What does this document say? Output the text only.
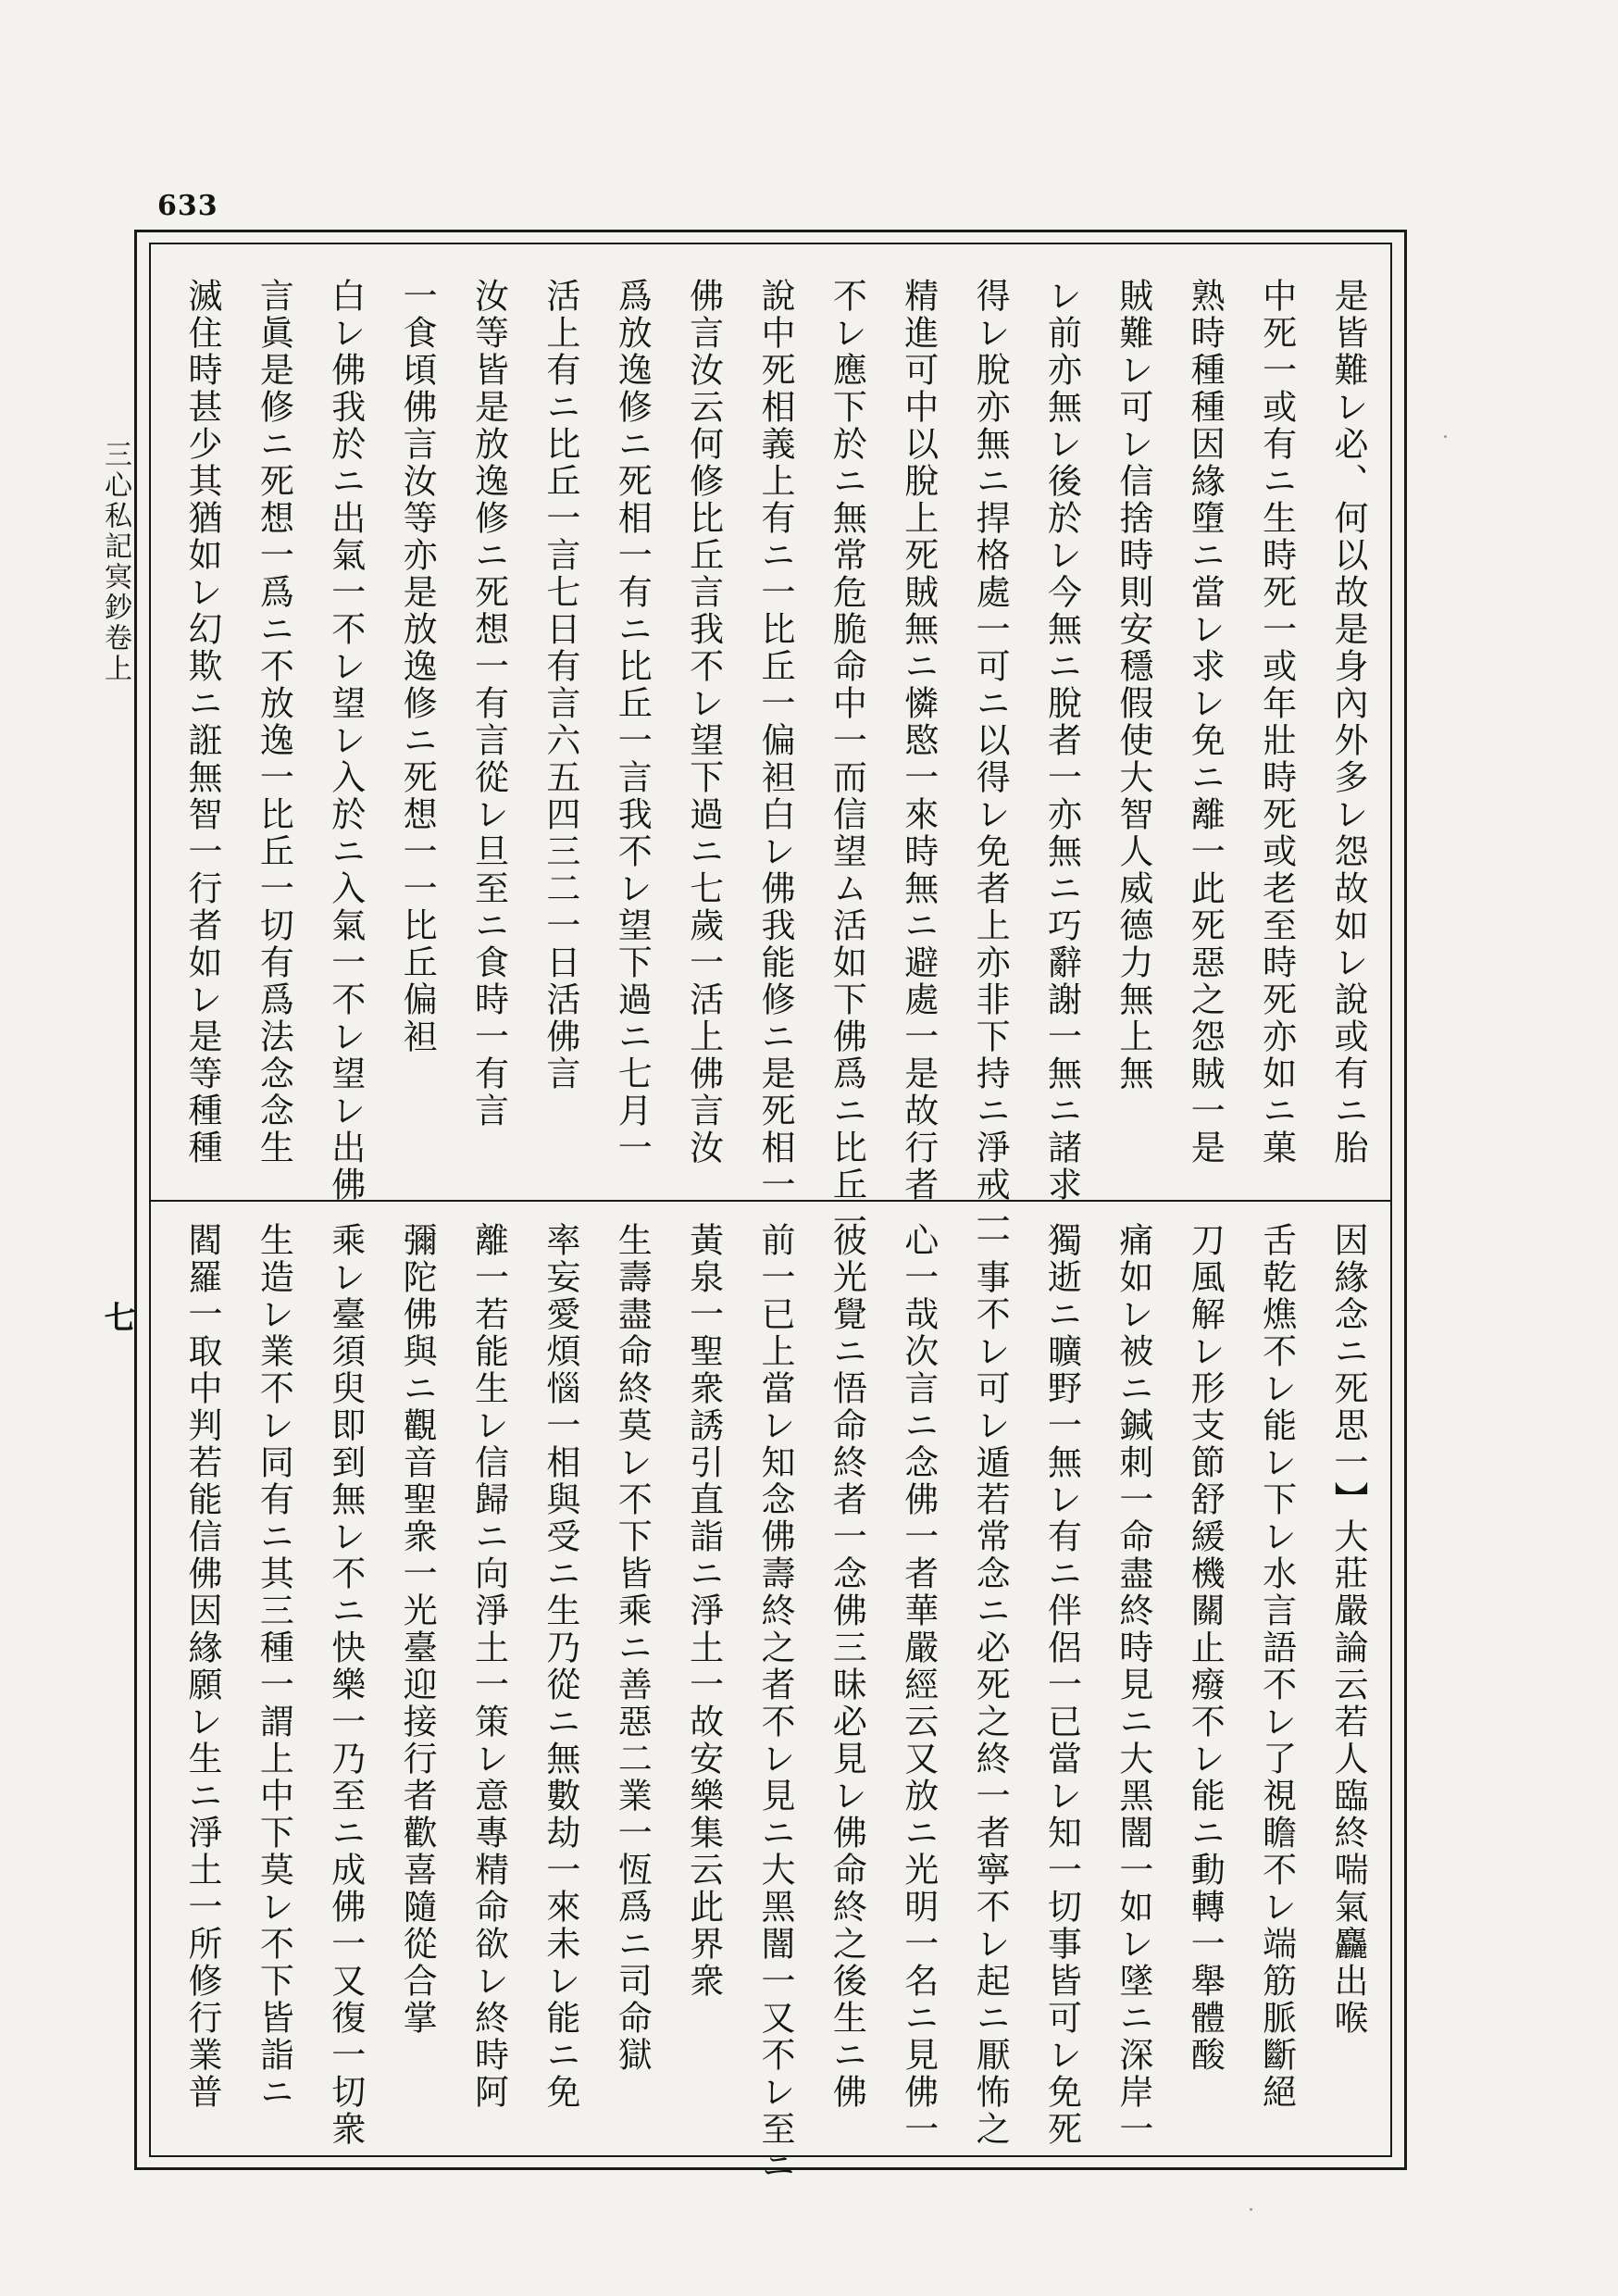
633
三心私記㝠鈔卷上
七
是皆難レ必、何以故是身內外多レ怨故如レ說或有ニ胎
中死一或有ニ生時死一或年壯時死或老至時死亦如ニ菓
熟時種種因緣墮ニ當レ求レ免ニ離一此死惡之怨賊一是
賊難レ可レ信捨時則安穩假使大智人威德力無上無
レ前亦無レ後於レ今無ニ脫者一亦無ニ巧辭謝一無ニ諸求
得レ脫亦無ニ捍格處一可ニ以得レ免者上亦非下持ニ淨戒一
精進可中以脫上死賊無ニ憐愍一來時無ニ避處一是故行者
不レ應下於ニ無常危脆命中一而信望ム活如下佛爲ニ比丘一
說中死相義上有ニ一比丘一偏袒白レ佛我能修ニ是死相一
佛言汝云何修比丘言我不レ望下過ニ七歲一活上佛言汝
爲放逸修ニ死相一有ニ比丘一言我不レ望下過ニ七月一
活上有ニ比丘一言七日有言六五四三二一日活佛言
汝等皆是放逸修ニ死想一有言從レ旦至ニ食時一有言
一食頃佛言汝等亦是放逸修ニ死想一一比丘偏袒
白レ佛我於ニ出氣一不レ望レ入於ニ入氣一不レ望レ出佛
言眞是修ニ死想一爲ニ不放逸一比丘一切有爲法念念生
滅住時甚少其猶如レ幻欺ニ誑無智一行者如レ是等種種
因緣念ニ死思一】大莊嚴論云若人臨終喘氣麤出喉
舌乾燋不レ能レ下レ水言語不レ了視瞻不レ端筋脈斷絕
刀風解レ形支節舒緩機關止癈不レ能ニ動轉一舉體酸
痛如レ被ニ鍼刺一命盡終時見ニ大黑闇一如レ墜ニ深岸一
獨逝ニ曠野一無レ有ニ伴侶一已當レ知一切事皆可レ免死
一事不レ可レ遁若常念ニ必死之終一者寧不レ起ニ厭怖之
心一哉次言ニ念佛一者華嚴經云又放ニ光明一名ニ見佛一
彼光覺ニ悟命終者一念佛三昧必見レ佛命終之後生ニ佛
前一已上當レ知念佛壽終之者不レ見ニ大黑闇一又不レ至ニ
黃泉一聖衆誘引直詣ニ淨土一故安樂集云此界衆
生壽盡命終莫レ不下皆乘ニ善惡二業一恆爲ニ司命獄
率妄愛煩惱一相與受ニ生乃從ニ無數劫一來未レ能ニ免
離一若能生レ信歸ニ向淨土一策レ意專精命欲レ終時阿
彌陀佛與ニ觀音聖衆一光臺迎接行者歡喜隨從合掌
乘レ臺須臾即到無レ不ニ快樂一乃至ニ成佛一又復一切衆
生造レ業不レ同有ニ其三種一謂上中下莫レ不下皆詣ニ
閻羅一取中判若能信佛因緣願レ生ニ淨土一所修行業普
